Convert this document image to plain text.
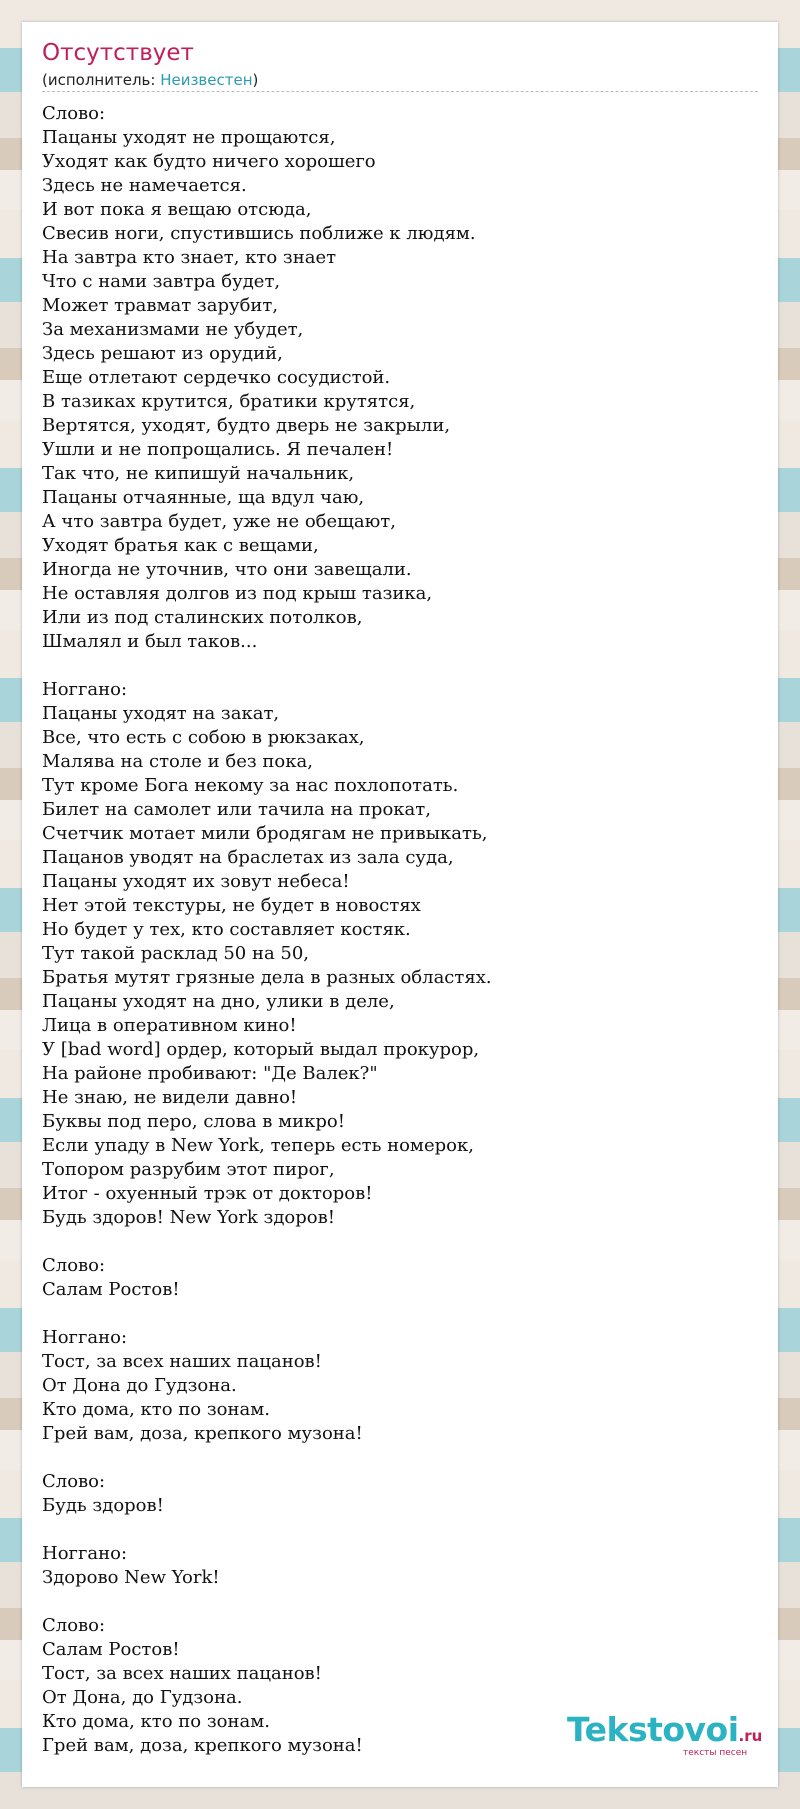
Отсутствует
(исполнитель: Неизвестен)
Слово:
Пацаны уходят не прощаются,
Уходят как будто ничего хорошего
Здесь не намечается.
И вот пока я вещаю отсюда,
Свесив ноги, спустившись поближе к людям.
На завтра кто знает, кто знает
Что с нами завтра будет,
Может травмат зарубит,
За механизмами не убудет,
Здесь решают из орудий,
Еще отлетают сердечко сосудистой.
В тазиках крутится, братики крутятся,
Вертятся, уходят, будто дверь не закрыли,
Ушли и не попрощались. Я печален!
Так что, не кипишуй начальник,
Пацаны отчаянные, ща вдул чаю,
А что завтра будет, уже не обещают,
Уходят братья как с вещами,
Иногда не уточнив, что они завещали.
Не оставляя долгов из под крыш тазика,
Или из под сталинских потолков,
Шмалял и был таков...
Ноггано:
Пацаны уходят на закат,
Все, что есть с собою в рюкзаках,
Малява на столе и без пока,
Тут кроме Бога некому за нас похлопотать.
Билет на самолет или тачила на прокат,
Счетчик мотает мили бродягам не привыкать,
Пацанов уводят на браслетах из зала суда,
Пацаны уходят их зовут небеса!
Нет этой текстуры, не будет в новостях
Но будет у тех, кто составляет костяк.
Тут такой расклад 50 на 50,
Братья мутят грязные дела в разных областях.
Пацаны уходят на дно, улики в деле,
Лица в оперативном кино!
У [bad word] ордер, который выдал прокурор,
На районе пробивают: "Де Валек?"
Не знаю, не видели давно!
Буквы под перо, слова в микро!
Если упаду в New York, теперь есть номерок,
Топором разрубим этот пирог,
Итог - охуенный трэк от докторов!
Будь здоров! New York здоров!
Слово:
Салам Ростов!
Ноггано:
Тост, за всех наших пацанов!
От Дона до Гудзона.
Кто дома, кто по зонам.
Грей вам, доза, крепкого музона!
Слово:
Будь здоров!
Ноггано:
Здорово New York!
Слово:
Салам Ростов!
Тост, за всех наших пацанов!
От Дона, до Гудзона.
Кто дома, кто по зонам.
Грей вам, доза, крепкого музона!	Tekstovoi.ru
тексты песен
